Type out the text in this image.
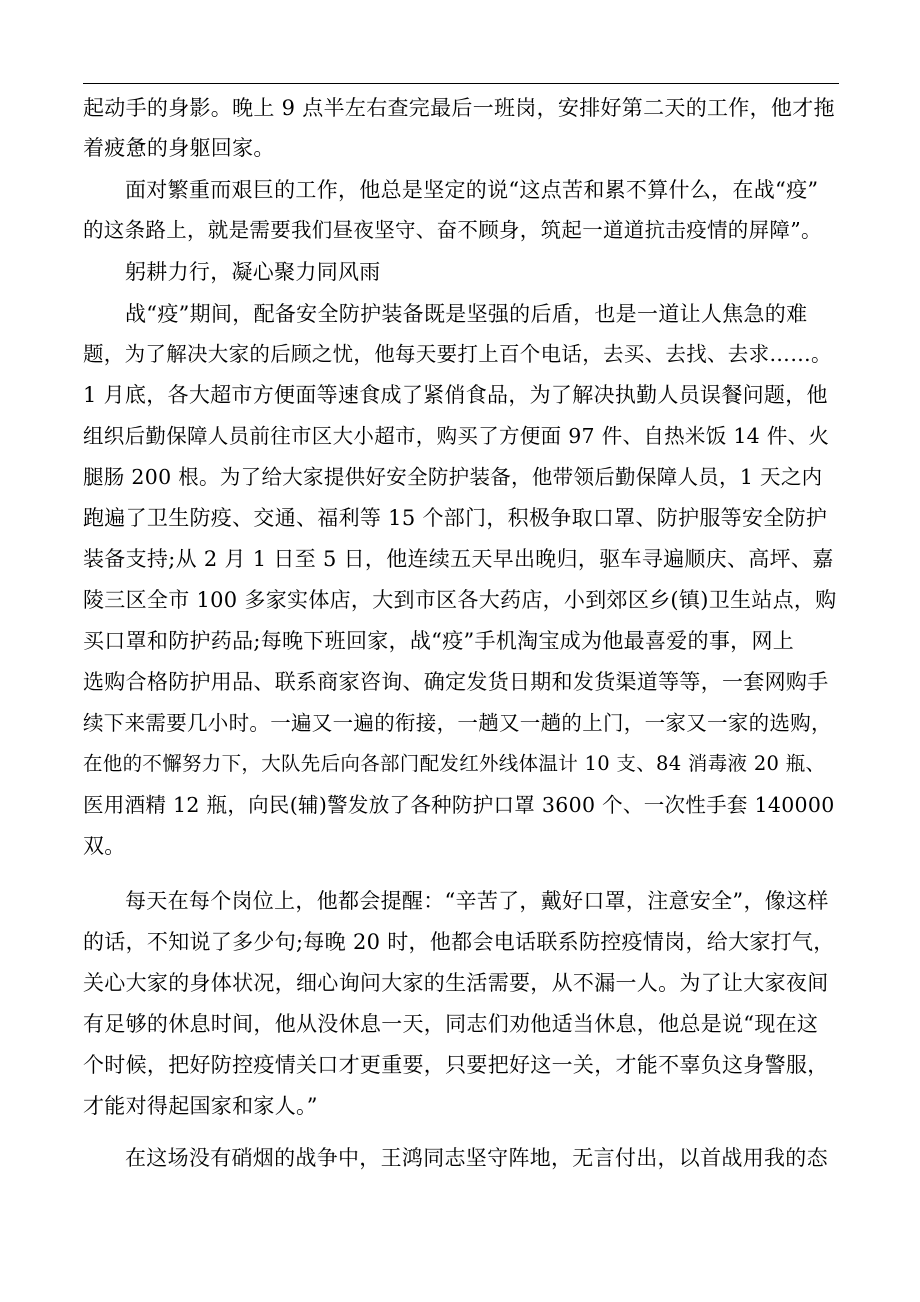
起动手的身影。晚上 9 点半左右查完最后一班岗，安排好第二天的工作，他才拖
着疲惫的身躯回家。
面对繁重而艰巨的工作，他总是坚定的说“这点苦和累不算什么，在战“疫”
的这条路上，就是需要我们昼夜坚守、奋不顾身，筑起一道道抗击疫情的屏障”。
躬耕力行，凝心聚力同风雨
战“疫”期间，配备安全防护装备既是坚强的后盾，也是一道让人焦急的难
题，为了解决大家的后顾之忧，他每天要打上百个电话，去买、去找、去求……。
1 月底，各大超市方便面等速食成了紧俏食品，为了解决执勤人员误餐问题，他
组织后勤保障人员前往市区大小超市，购买了方便面 97 件、自热米饭 14 件、火
腿肠 200 根。为了给大家提供好安全防护装备，他带领后勤保障人员，1 天之内
跑遍了卫生防疫、交通、福利等 15 个部门，积极争取口罩、防护服等安全防护
装备支持;从 2 月 1 日至 5 日，他连续五天早出晚归，驱车寻遍顺庆、高坪、嘉
陵三区全市 100 多家实体店，大到市区各大药店，小到郊区乡(镇)卫生站点，购
买口罩和防护药品;每晚下班回家，战“疫”手机淘宝成为他最喜爱的事，网上
选购合格防护用品、联系商家咨询、确定发货日期和发货渠道等等，一套网购手
续下来需要几小时。一遍又一遍的衔接，一趟又一趟的上门，一家又一家的选购，
在他的不懈努力下，大队先后向各部门配发红外线体温计 10 支、84 消毒液 20 瓶、
医用酒精 12 瓶，向民(辅)警发放了各种防护口罩 3600 个、一次性手套 140000
双。
每天在每个岗位上，他都会提醒：“辛苦了，戴好口罩，注意安全”，像这样
的话，不知说了多少句;每晚 20 时，他都会电话联系防控疫情岗，给大家打气，
关心大家的身体状况，细心询问大家的生活需要，从不漏一人。为了让大家夜间
有足够的休息时间，他从没休息一天，同志们劝他适当休息，他总是说“现在这
个时候，把好防控疫情关口才更重要，只要把好这一关，才能不辜负这身警服，
才能对得起国家和家人。”
在这场没有硝烟的战争中，王鸿同志坚守阵地，无言付出，以首战用我的态
